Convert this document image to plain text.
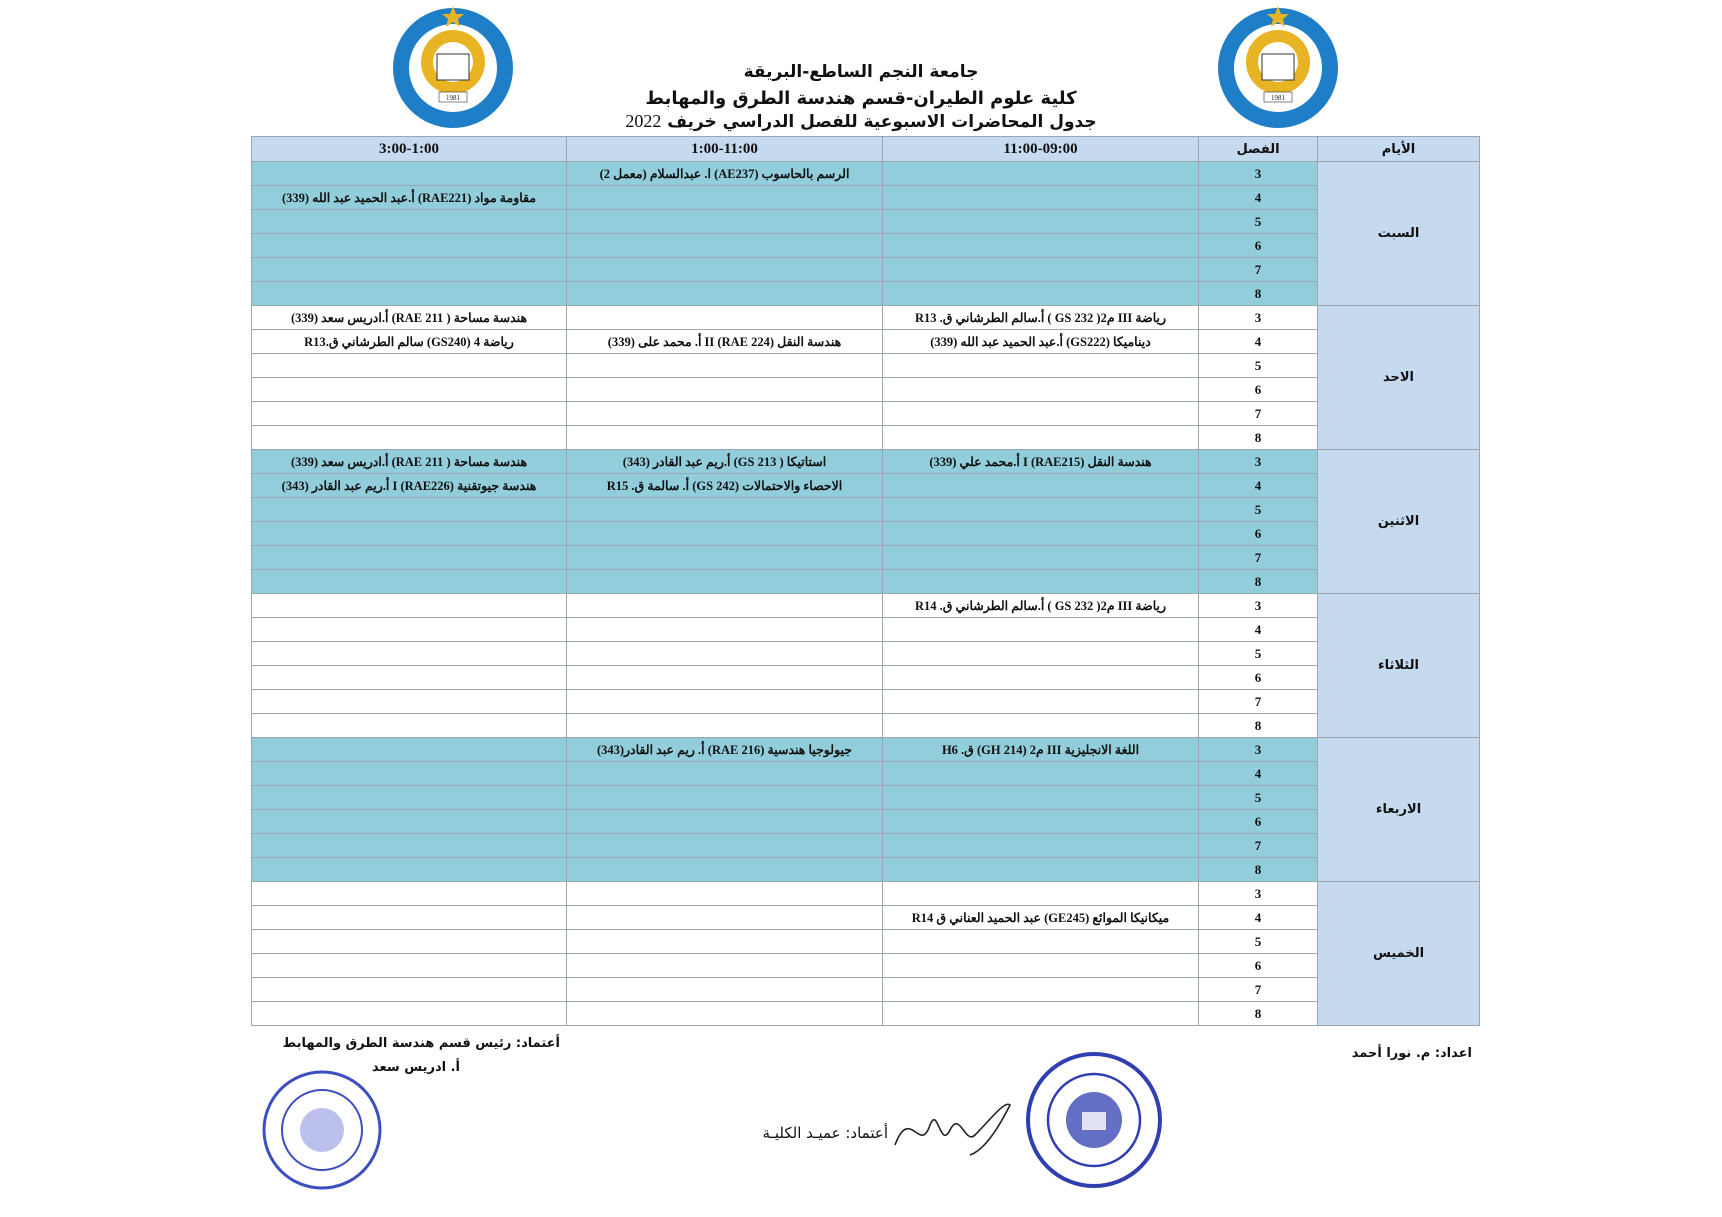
جامعة النجم الساطع-البريقة
كلية علوم الطيران-قسم هندسة الطرق والمهابط
جدول المحاضرات الاسبوعية للفصل الدراسي خريف 2022
1981	1981
الأيام	الفصل	11:00-09:00	1:00-11:00	3:00-1:00
السبت	3		الرسم بالحاسوب (AE237) ا. عبدالسلام (معمل 2)	
	4			مقاومة مواد (RAE221) أ.عبد الحميد عبد الله (339)
	5			
	6			
	7			
	8			
الاحد	3	رياضة III م2( GS 232 ) أ.سالم الطرشاني ق. R13		هندسة مساحة ( RAE 211) أ.ادريس سعد (339)
	4	ديناميكا (GS222) أ.عبد الحميد عبد الله (339)	هندسة النقل II (RAE 224) أ. محمد على (339)	رياضة 4 (GS240) سالم الطرشاني ق.R13
	5			
	6			
	7			
	8			
الاثنين	3	هندسة النقل I (RAE215) أ.محمد علي (339)	استاتيكا ( GS 213) أ.ريم عبد القادر (343)	هندسة مساحة ( RAE 211) أ.ادريس سعد (339)
	4		الاحصاء والاحتمالات (GS 242) أ. سالمة ق. R15	هندسة جيوتقنية I (RAE226) أ.ريم عبد القادر (343)
	5			
	6			
	7			
	8			
الثلاثاء	3	رياضة III م2( GS 232 ) أ.سالم الطرشاني ق. R14		
	4			
	5			
	6			
	7			
	8			
الاربعاء	3	اللغة الانجليزية III م2 (GH 214) ق. H6	جيولوجيا هندسية (RAE 216) أ. ريم عبد القادر(343)	
	4			
	5			
	6			
	7			
	8			
الخميس	3			
	4	ميكانيكا الموائع (GE245) عبد الحميد العناني ق R14		
	5			
	6			
	7			
	8			
اعداد: م. نورا أحمد
أعتماد: رئيس قسم هندسة الطرق والمهابط
أ. ادريس سعد
أعتماد: عميـد الكليـة
